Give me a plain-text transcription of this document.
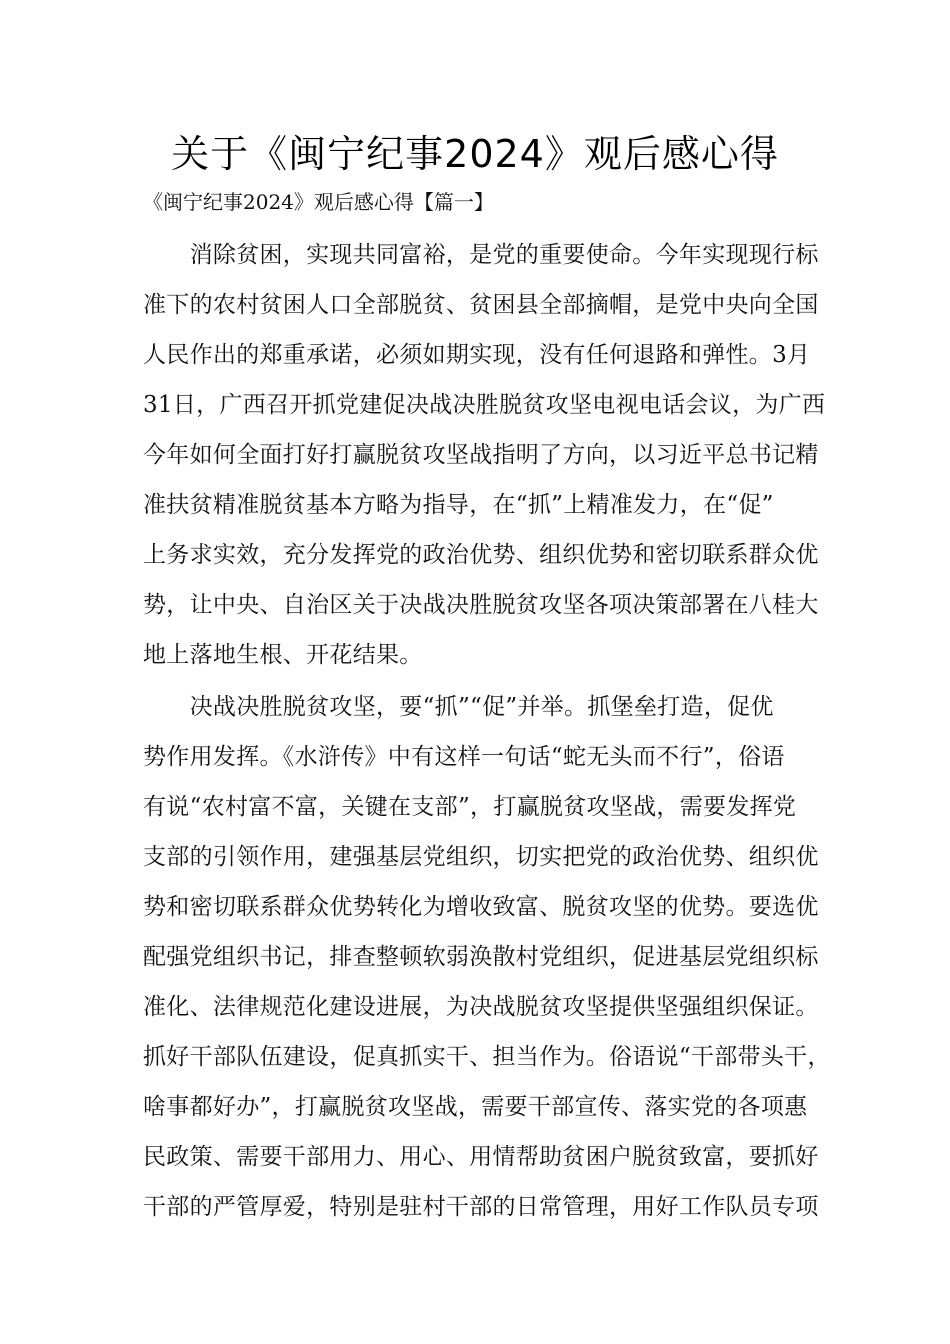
关于《闽宁纪事2024》观后感心得
《闽宁纪事2024》观后感心得【篇一】
　　消除贫困，实现共同富裕，是党的重要使命。今年实现现行标
准下的农村贫困人口全部脱贫、贫困县全部摘帽，是党中央向全国
人民作出的郑重承诺，必须如期实现，没有任何退路和弹性。3月
31日，广西召开抓党建促决战决胜脱贫攻坚电视电话会议，为广西
今年如何全面打好打赢脱贫攻坚战指明了方向，以习近平总书记精
准扶贫精准脱贫基本方略为指导，在“抓”上精准发力，在“促”
上务求实效，充分发挥党的政治优势、组织优势和密切联系群众优
势，让中央、自治区关于决战决胜脱贫攻坚各项决策部署在八桂大
地上落地生根、开花结果。
　　决战决胜脱贫攻坚，要“抓”“促”并举。抓堡垒打造，促优
势作用发挥。《水浒传》中有这样一句话“蛇无头而不行”，俗语
有说“农村富不富，关键在支部”，打赢脱贫攻坚战，需要发挥党
支部的引领作用，建强基层党组织，切实把党的政治优势、组织优
势和密切联系群众优势转化为增收致富、脱贫攻坚的优势。要选优
配强党组织书记，排查整顿软弱涣散村党组织，促进基层党组织标
准化、法律规范化建设进展，为决战脱贫攻坚提供坚强组织保证。
抓好干部队伍建设，促真抓实干、担当作为。俗语说“干部带头干，
啥事都好办”，打赢脱贫攻坚战，需要干部宣传、落实党的各项惠
民政策、需要干部用力、用心、用情帮助贫困户脱贫致富，要抓好
干部的严管厚爱，特别是驻村干部的日常管理，用好工作队员专项
